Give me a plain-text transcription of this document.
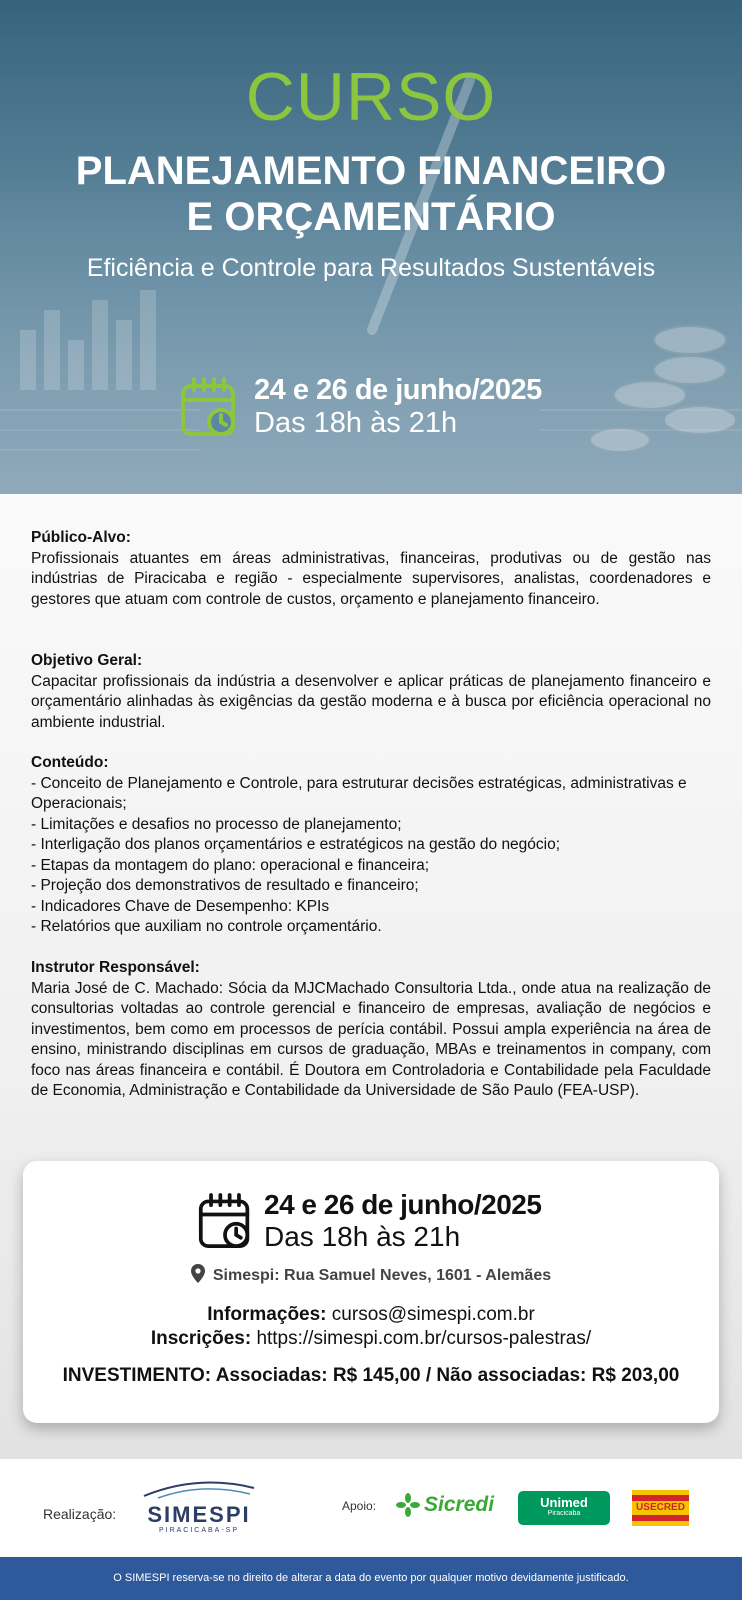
CURSO
PLANEJAMENTO FINANCEIRO
E ORÇAMENTÁRIO
Eficiência e Controle para Resultados Sustentáveis
24 e 26 de junho/2025
Das 18h às 21h
Público-Alvo:

Profissionais atuantes em áreas administrativas, financeiras, produtivas ou de gestão nas indústrias de Piracicaba e região - especialmente supervisores, analistas, coordenadores e gestores que atuam com controle de custos, orçamento e planejamento financeiro.

Objetivo Geral:

Capacitar profissionais da indústria a desenvolver e aplicar práticas de planejamento financeiro e orçamentário alinhadas às exigências da gestão moderna e à busca por eficiência operacional no ambiente industrial.

Conteúdo:
- Conceito de Planejamento e Controle, para estruturar decisões estratégicas, administrativas e Operacionais;
- Limitações e desafios no processo de planejamento;
- Interligação dos planos orçamentários e estratégicos na gestão do negócio;
- Etapas da montagem do plano: operacional e financeira;
- Projeção dos demonstrativos de resultado e financeiro;
- Indicadores Chave de Desempenho: KPIs
- Relatórios que auxiliam no controle orçamentário.
Instrutor Responsável:

Maria José de C. Machado: Sócia da MJCMachado Consultoria Ltda., onde atua na realização de consultorias voltadas ao controle gerencial e financeiro de empresas, avaliação de negócios e investimentos, bem como em processos de perícia contábil. Possui ampla experiência na área de ensino, ministrando disciplinas em cursos de graduação, MBAs e treinamentos in company, com foco nas áreas financeira e contábil. É Doutora em Controladoria e Contabilidade pela Faculdade de Economia, Administração e Contabilidade da Universidade de São Paulo (FEA-USP).

24 e 26 de junho/2025
Das 18h às 21h
Simespi: Rua Samuel Neves, 1601 - Alemães
Informações: cursos@simespi.com.br
Inscrições: https://simespi.com.br/cursos-palestras/
INVESTIMENTO: Associadas: R$ 145,00 / Não associadas: R$ 203,00
Realização:	SIMESPI
PIRACICABA-SP
Apoio: Sicredi	Unimed
Piracicaba
USECRED
O SIMESPI reserva-se no direito de alterar a data do evento por qualquer motivo devidamente justificado.
